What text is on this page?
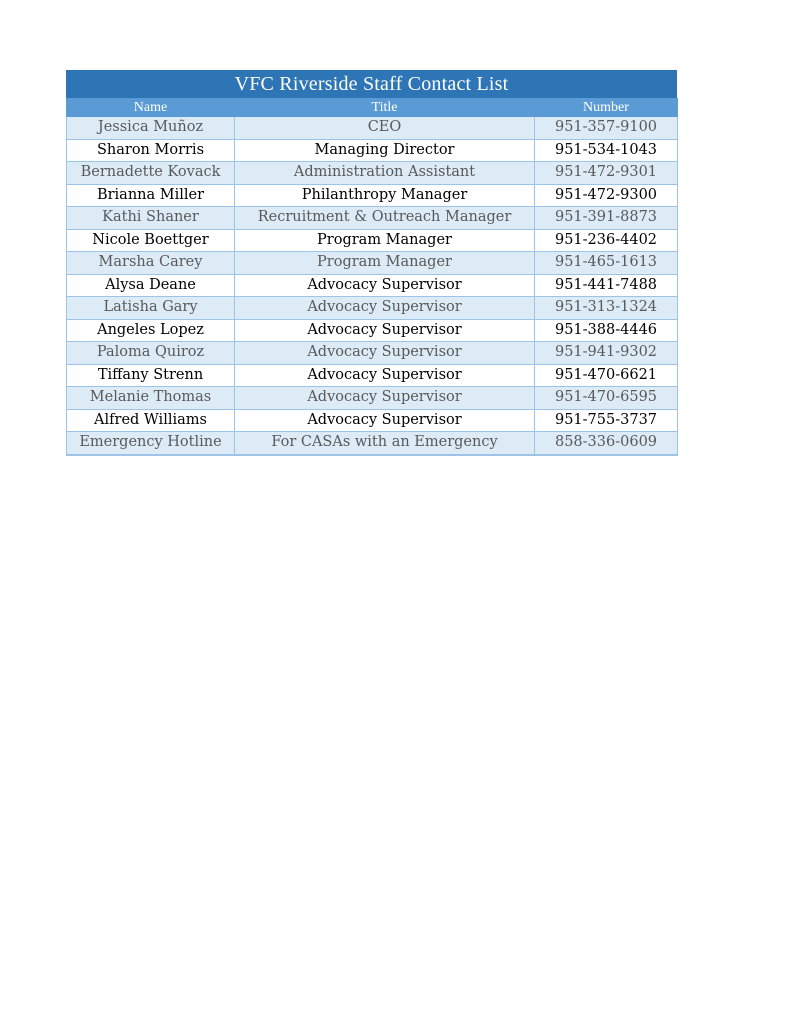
VFC Riverside Staff Contact List
Name	Title	Number
Jessica Muñoz	CEO	951-357-9100
Sharon Morris	Managing Director	951-534-1043
Bernadette Kovack	Administration Assistant	951-472-9301
Brianna Miller	Philanthropy Manager	951-472-9300
Kathi Shaner	Recruitment & Outreach Manager	951-391-8873
Nicole Boettger	Program Manager	951-236-4402
Marsha Carey	Program Manager	951-465-1613
Alysa Deane	Advocacy Supervisor	951-441-7488
Latisha Gary	Advocacy Supervisor	951-313-1324
Angeles Lopez	Advocacy Supervisor	951-388-4446
Paloma Quiroz	Advocacy Supervisor	951-941-9302
Tiffany Strenn	Advocacy Supervisor	951-470-6621
Melanie Thomas	Advocacy Supervisor	951-470-6595
Alfred Williams	Advocacy Supervisor	951-755-3737
Emergency Hotline	For CASAs with an Emergency	858-336-0609
